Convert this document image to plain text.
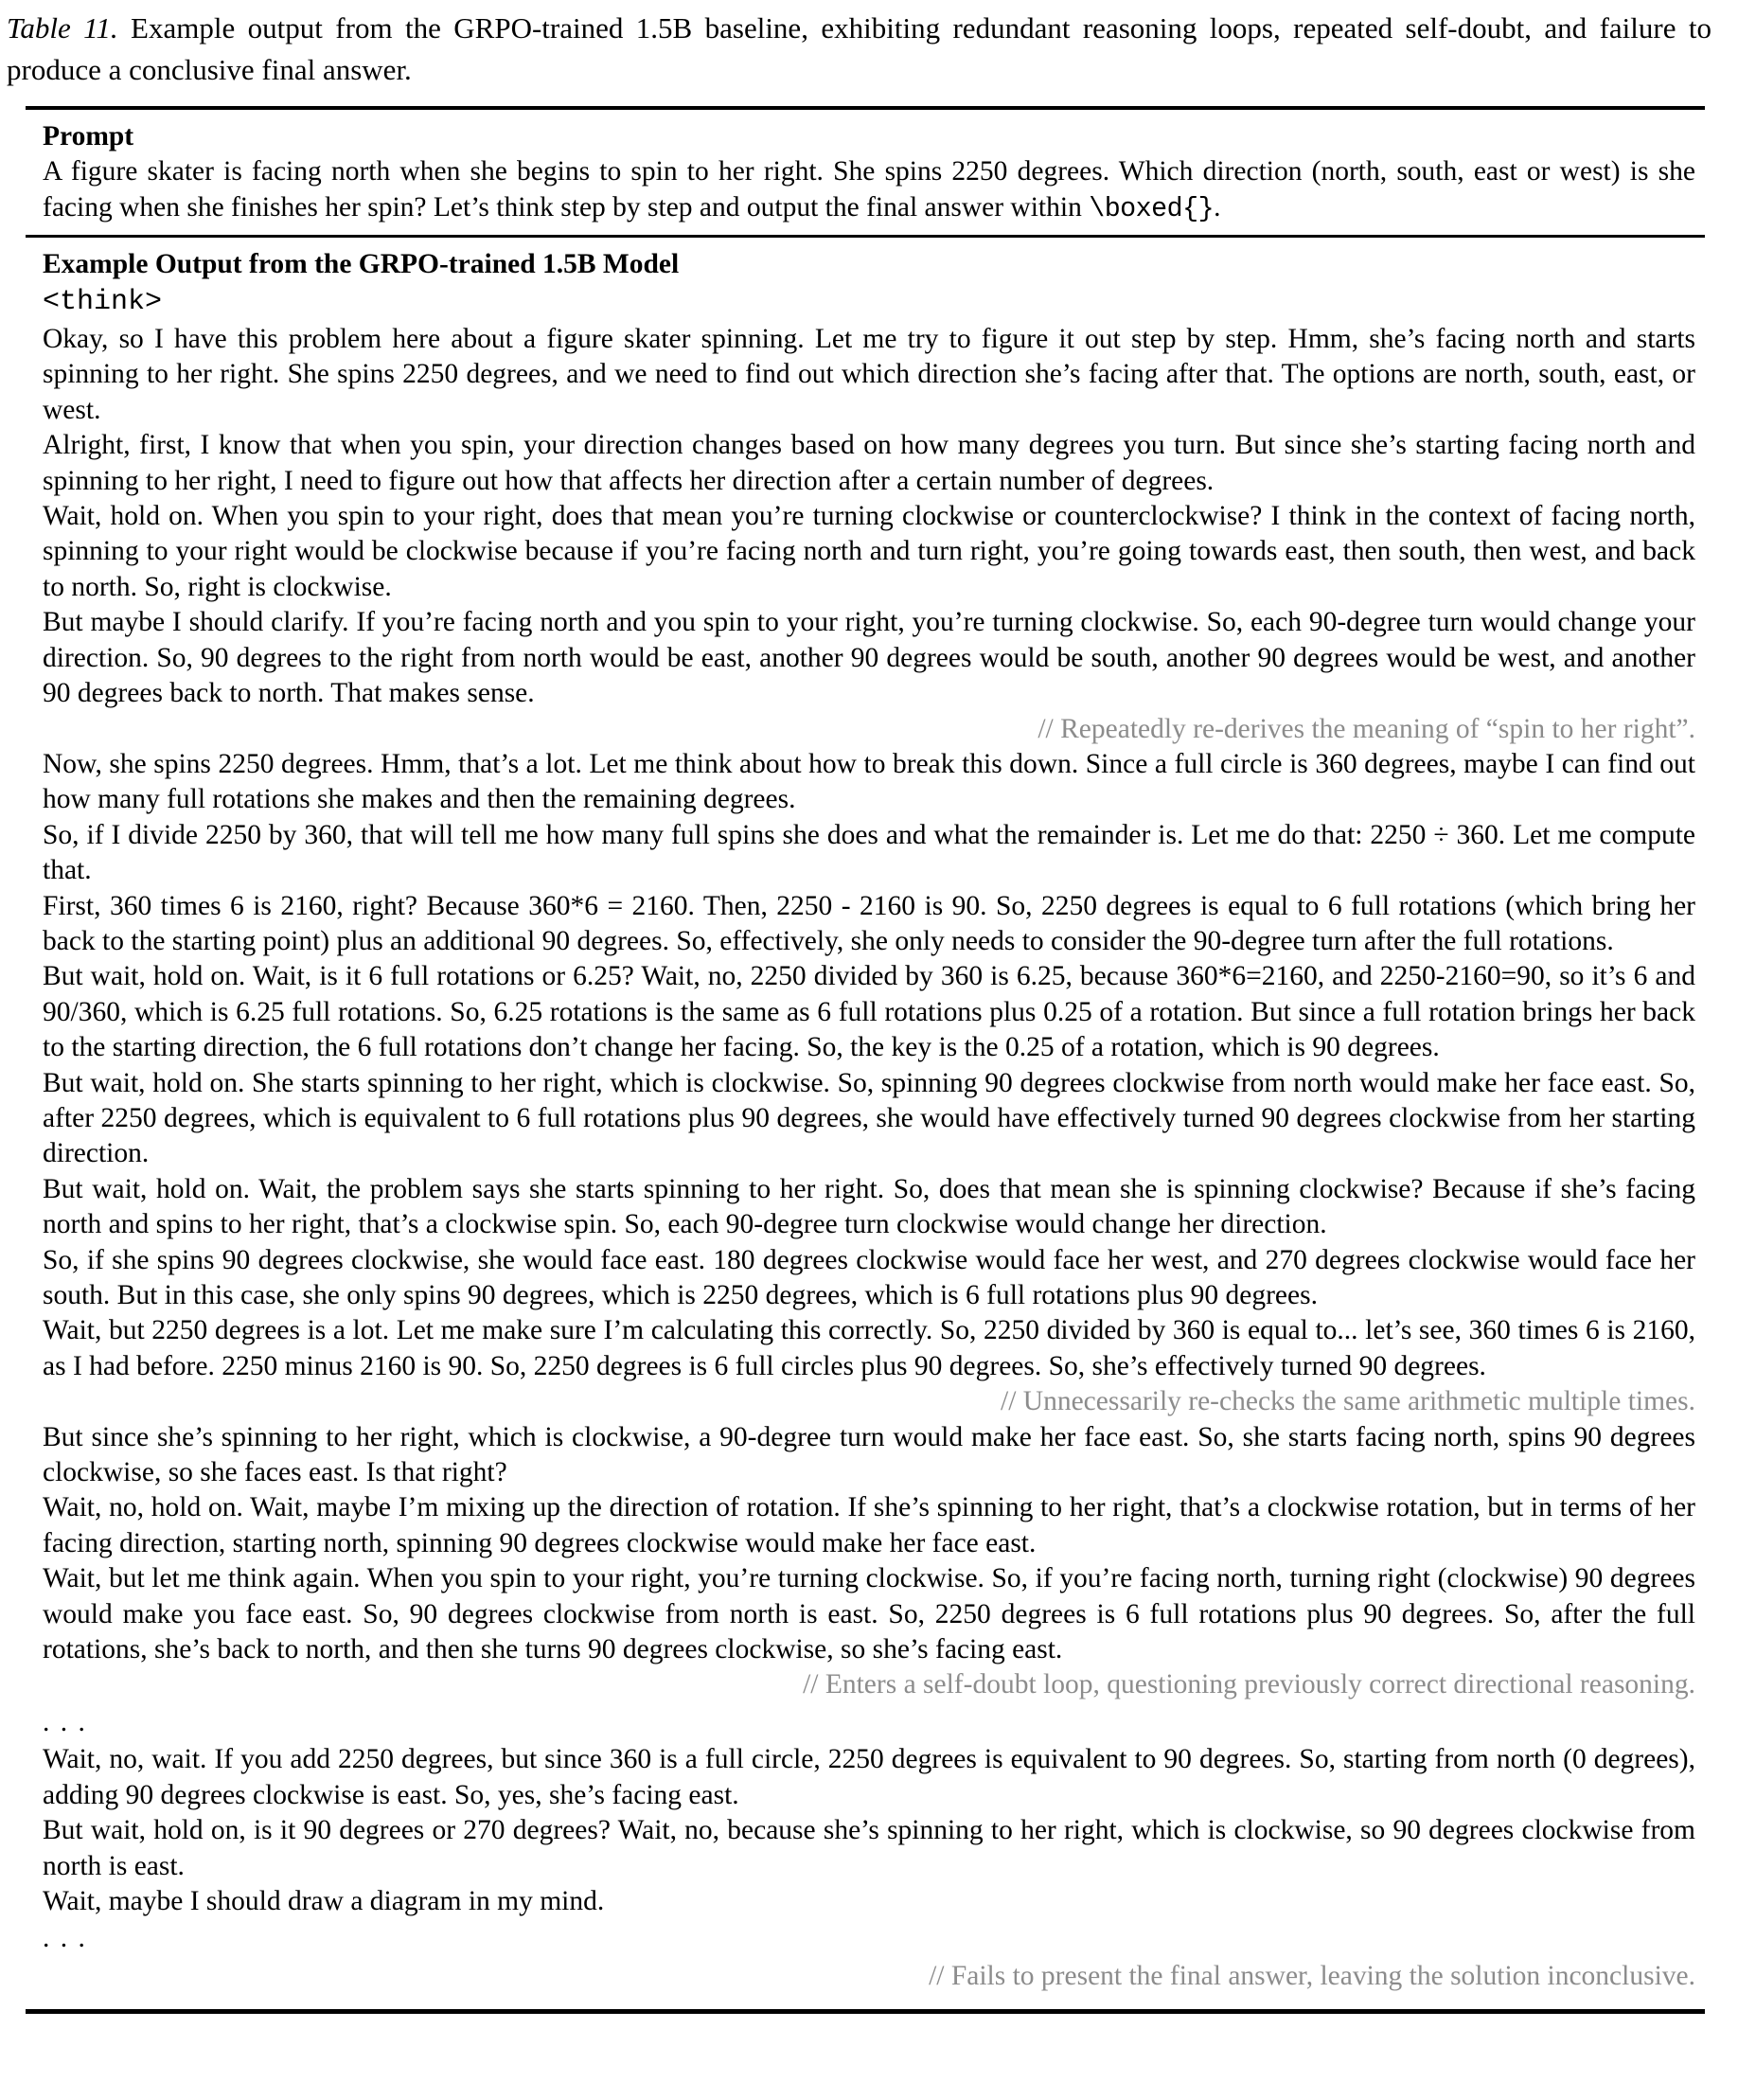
Table 11. Example output from the GRPO-trained 1.5B baseline, exhibiting redundant reasoning loops, repeated self-doubt, and failure to produce a conclusive final answer.

Prompt

A figure skater is facing north when she begins to spin to her right. She spins 2250 degrees. Which direction (north, south, east or west) is she facing when she finishes her spin? Let’s think step by step and output the final answer within \boxed{}.

Example Output from the GRPO-trained 1.5B Model

<think>

Okay, so I have this problem here about a figure skater spinning. Let me try to figure it out step by step. Hmm, she’s facing north and starts spinning to her right. She spins 2250 degrees, and we need to find out which direction she’s facing after that. The options are north, south, east, or west.

Alright, first, I know that when you spin, your direction changes based on how many degrees you turn. But since she’s starting facing north and spinning to her right, I need to figure out how that affects her direction after a certain number of degrees.

Wait, hold on. When you spin to your right, does that mean you’re turning clockwise or counterclockwise? I think in the context of facing north, spinning to your right would be clockwise because if you’re facing north and turn right, you’re going towards east, then south, then west, and back to north. So, right is clockwise.

But maybe I should clarify. If you’re facing north and you spin to your right, you’re turning clockwise. So, each 90-degree turn would change your direction. So, 90 degrees to the right from north would be east, another 90 degrees would be south, another 90 degrees would be west, and another 90 degrees back to north. That makes sense.

// Repeatedly re-derives the meaning of “spin to her right”.

Now, she spins 2250 degrees. Hmm, that’s a lot. Let me think about how to break this down. Since a full circle is 360 degrees, maybe I can find out how many full rotations she makes and then the remaining degrees.

So, if I divide 2250 by 360, that will tell me how many full spins she does and what the remainder is. Let me do that: 2250 ÷ 360. Let me compute that.

First, 360 times 6 is 2160, right? Because 360*6 = 2160. Then, 2250 - 2160 is 90. So, 2250 degrees is equal to 6 full rotations (which bring her back to the starting point) plus an additional 90 degrees. So, effectively, she only needs to consider the 90-degree turn after the full rotations.

But wait, hold on. Wait, is it 6 full rotations or 6.25? Wait, no, 2250 divided by 360 is 6.25, because 360*6=2160, and 2250-2160=90, so it’s 6 and 90/360, which is 6.25 full rotations. So, 6.25 rotations is the same as 6 full rotations plus 0.25 of a rotation. But since a full rotation brings her back to the starting direction, the 6 full rotations don’t change her facing. So, the key is the 0.25 of a rotation, which is 90 degrees.

But wait, hold on. She starts spinning to her right, which is clockwise. So, spinning 90 degrees clockwise from north would make her face east. So, after 2250 degrees, which is equivalent to 6 full rotations plus 90 degrees, she would have effectively turned 90 degrees clockwise from her starting direction.

But wait, hold on. Wait, the problem says she starts spinning to her right. So, does that mean she is spinning clockwise? Because if she’s facing north and spins to her right, that’s a clockwise spin. So, each 90-degree turn clockwise would change her direction.

So, if she spins 90 degrees clockwise, she would face east. 180 degrees clockwise would face her west, and 270 degrees clockwise would face her south. But in this case, she only spins 90 degrees, which is 2250 degrees, which is 6 full rotations plus 90 degrees.

Wait, but 2250 degrees is a lot. Let me make sure I’m calculating this correctly. So, 2250 divided by 360 is equal to... let’s see, 360 times 6 is 2160, as I had before. 2250 minus 2160 is 90. So, 2250 degrees is 6 full circles plus 90 degrees. So, she’s effectively turned 90 degrees.

// Unnecessarily re-checks the same arithmetic multiple times.

But since she’s spinning to her right, which is clockwise, a 90-degree turn would make her face east. So, she starts facing north, spins 90 degrees clockwise, so she faces east. Is that right?

Wait, no, hold on. Wait, maybe I’m mixing up the direction of rotation. If she’s spinning to her right, that’s a clockwise rotation, but in terms of her facing direction, starting north, spinning 90 degrees clockwise would make her face east.

Wait, but let me think again. When you spin to your right, you’re turning clockwise. So, if you’re facing north, turning right (clockwise) 90 degrees would make you face east. So, 90 degrees clockwise from north is east. So, 2250 degrees is 6 full rotations plus 90 degrees. So, after the full rotations, she’s back to north, and then she turns 90 degrees clockwise, so she’s facing east.

// Enters a self-doubt loop, questioning previously correct directional reasoning.

. . .

Wait, no, wait. If you add 2250 degrees, but since 360 is a full circle, 2250 degrees is equivalent to 90 degrees. So, starting from north (0 degrees), adding 90 degrees clockwise is east. So, yes, she’s facing east.

But wait, hold on, is it 90 degrees or 270 degrees? Wait, no, because she’s spinning to her right, which is clockwise, so 90 degrees clockwise from north is east.

Wait, maybe I should draw a diagram in my mind.

. . .

// Fails to present the final answer, leaving the solution inconclusive.
